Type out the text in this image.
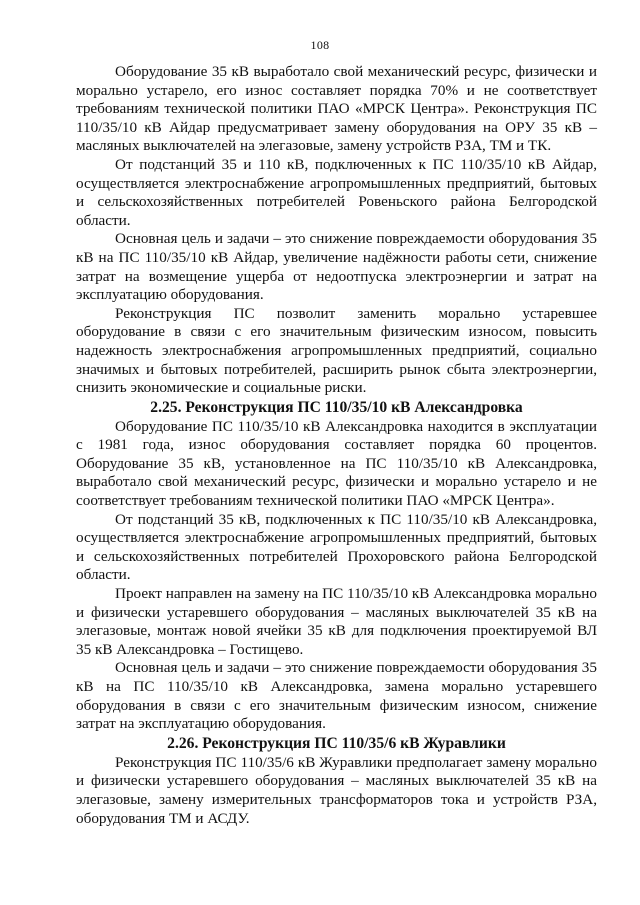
108

Оборудование 35 кВ выработало свой механический ресурс, физически и морально устарело, его износ составляет порядка 70% и не соответствует требованиям технической политики ПАО «МРСК Центра». Реконструкция ПС 110/35/10 кВ Айдар предусматривает замену оборудования на ОРУ 35 кВ – масляных выключателей на элегазовые, замену устройств РЗА, ТМ и ТК.

От подстанций 35 и 110 кВ, подключенных к ПС 110/35/10 кВ Айдар, осуществляется электроснабжение агропромышленных предприятий, бытовых и сельскохозяйственных потребителей Ровеньского района Белгородской области.

Основная цель и задачи – это снижение повреждаемости оборудования 35 кВ на ПС 110/35/10 кВ Айдар, увеличение надёжности работы сети, снижение затрат на возмещение ущерба от недоотпуска электроэнергии и затрат на эксплуатацию оборудования.

Реконструкция ПС позволит заменить морально устаревшее оборудование в связи с его значительным физическим износом, повысить надежность электроснабжения агропромышленных предприятий, социально значимых и бытовых потребителей, расширить рынок сбыта электроэнергии, снизить экономические и социальные риски.

2.25. Реконструкция ПС 110/35/10 кВ Александровка

Оборудование ПС 110/35/10 кВ Александровка находится в эксплуатации с 1981 года, износ оборудования составляет порядка 60 процентов. Оборудование 35 кВ, установленное на ПС 110/35/10 кВ Александровка, выработало свой механический ресурс, физически и морально устарело и не соответствует требованиям технической политики ПАО «МРСК Центра».

От подстанций 35 кВ, подключенных к ПС 110/35/10 кВ Александровка, осуществляется электроснабжение агропромышленных предприятий, бытовых и сельскохозяйственных потребителей Прохоровского района Белгородской области.

Проект направлен на замену на ПС 110/35/10 кВ Александровка морально и физически устаревшего оборудования – масляных выключателей 35 кВ на элегазовые, монтаж новой ячейки 35 кВ для подключения проектируемой ВЛ 35 кВ Александровка – Гостищево.

Основная цель и задачи – это снижение повреждаемости оборудования 35 кВ на ПС 110/35/10 кВ Александровка, замена морально устаревшего оборудования в связи с его значительным физическим износом, снижение затрат на эксплуатацию оборудования.

2.26. Реконструкция ПС 110/35/6 кВ Журавлики

Реконструкция ПС 110/35/6 кВ Журавлики предполагает замену морально и физически устаревшего оборудования – масляных выключателей 35 кВ на элегазовые, замену измерительных трансформаторов тока и устройств РЗА, оборудования ТМ и АСДУ.
